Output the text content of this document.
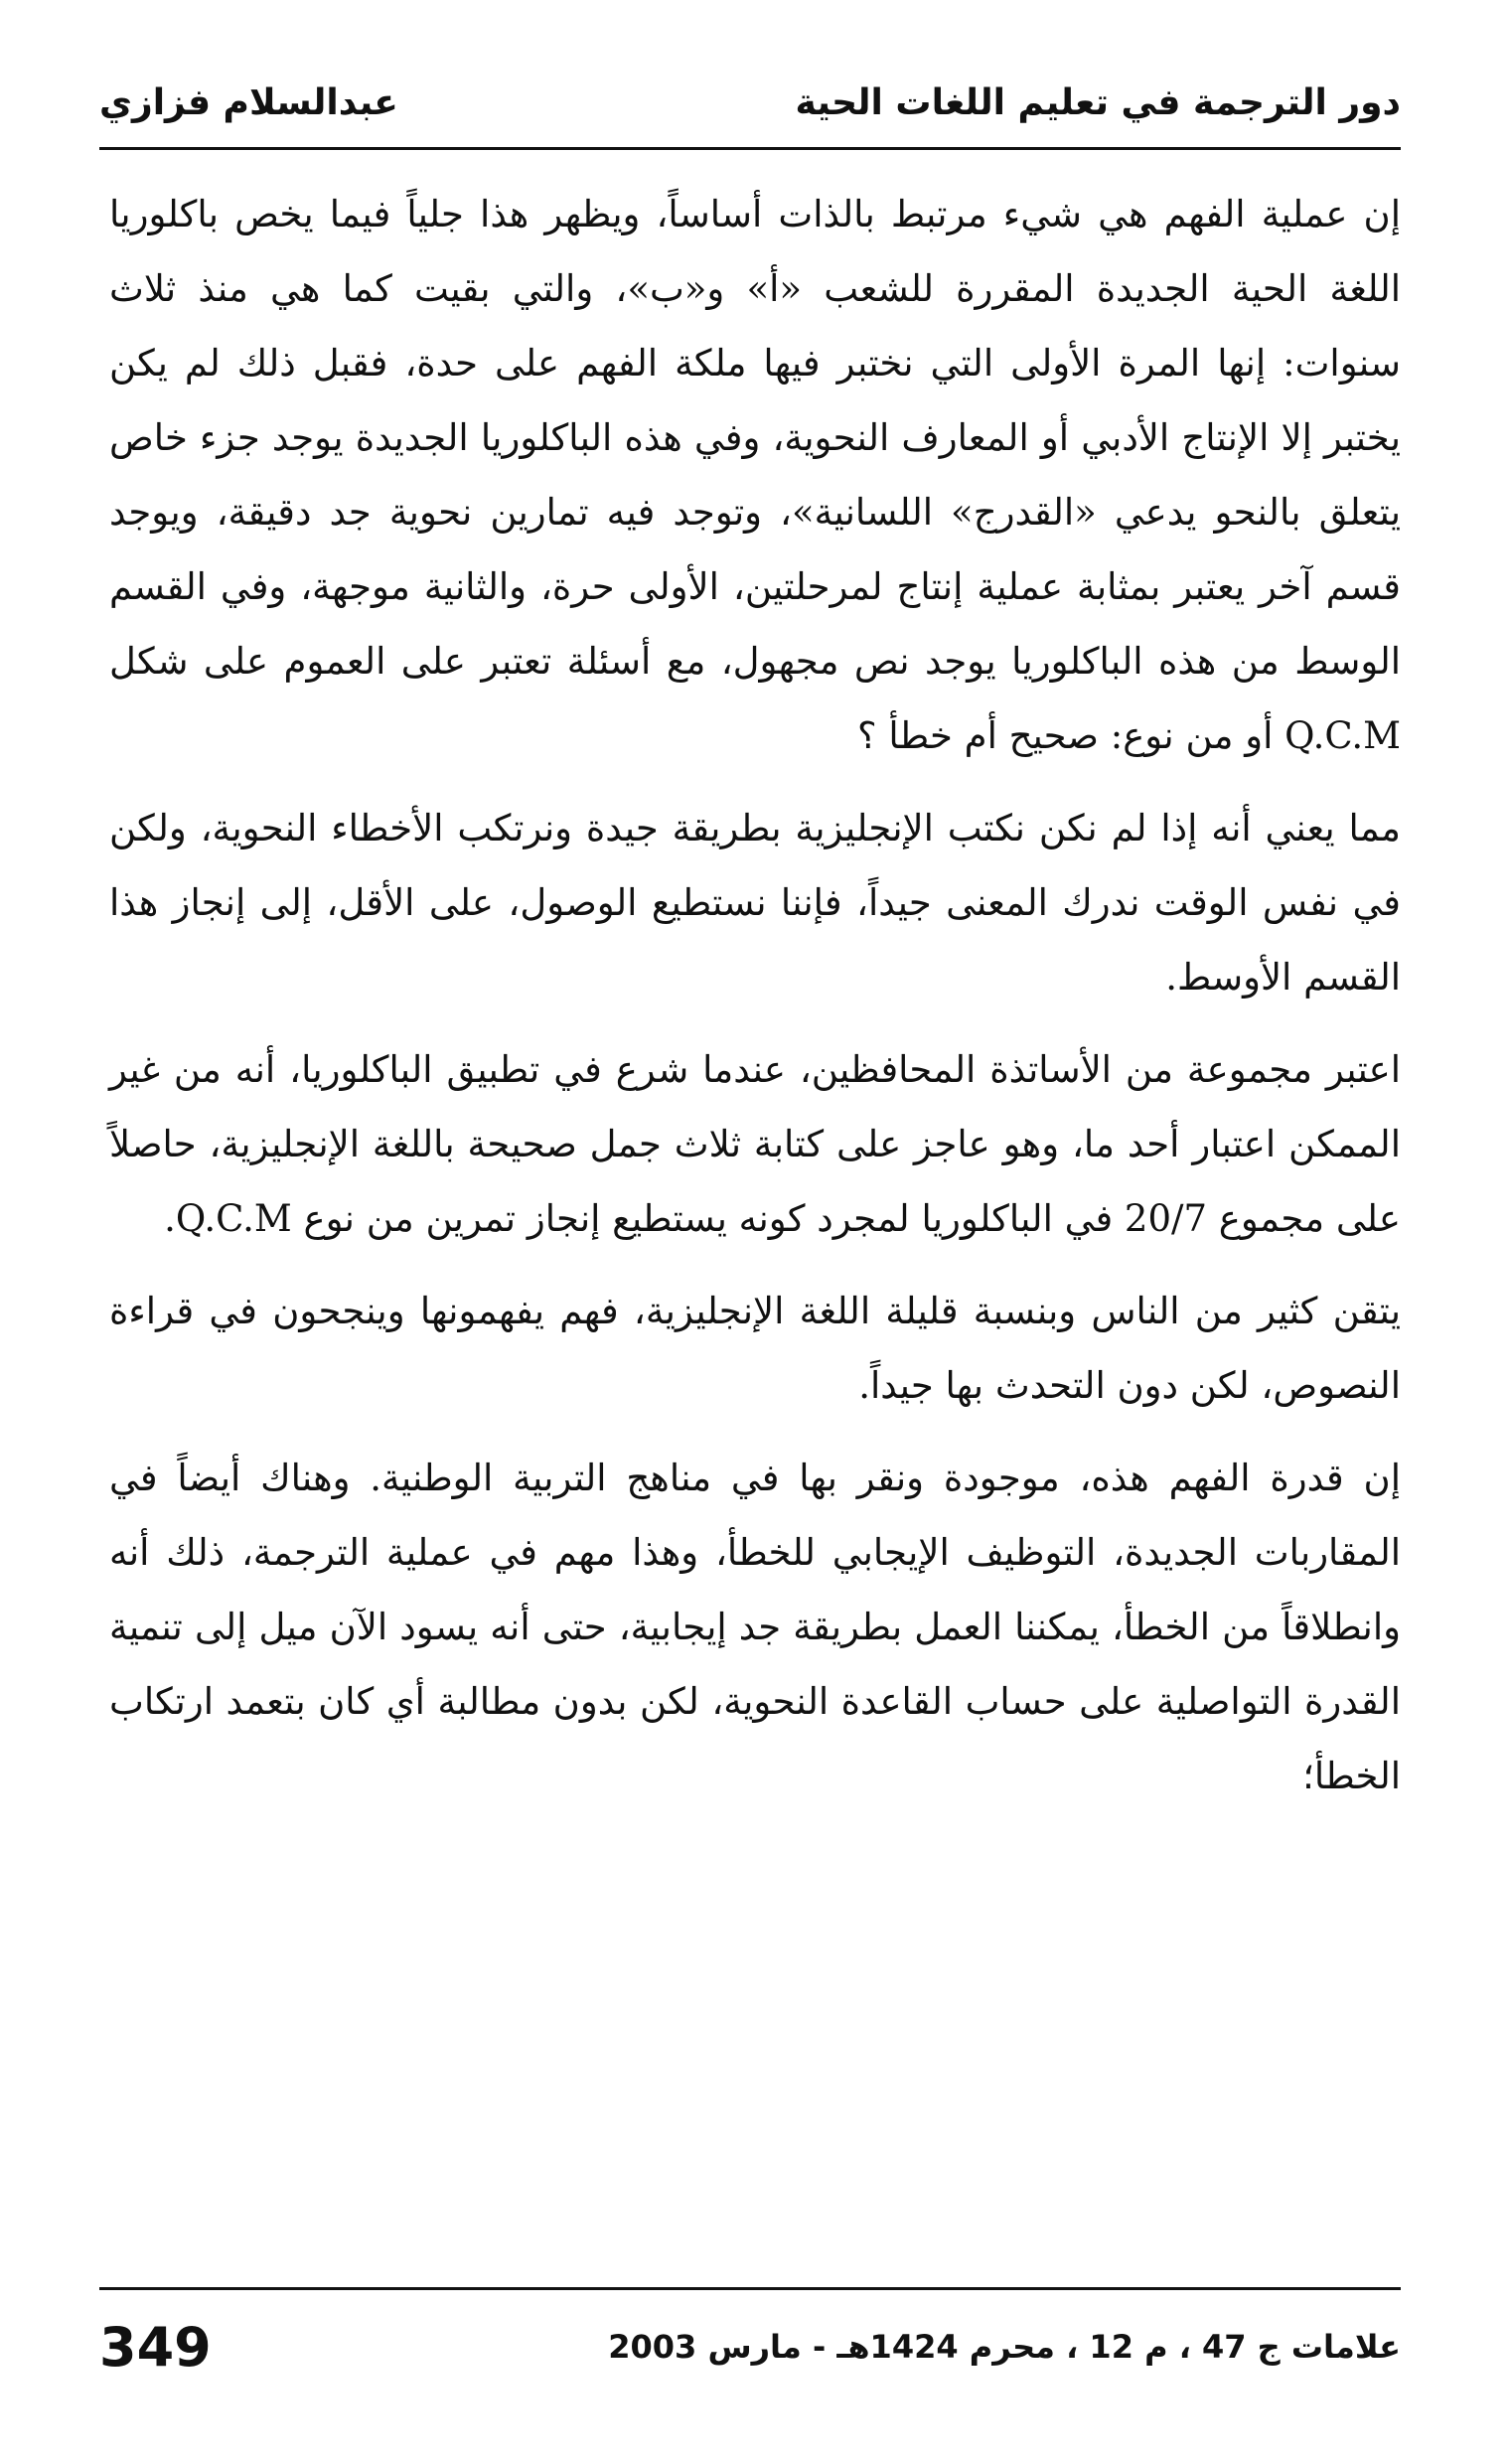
دور الترجمة في تعليم اللغات الحية
عبدالسلام فزازي

إن عملية الفهم هي شيء مرتبط بالذات أساساً، ويظهر هذا جلياً فيما يخص باكلوريا اللغة الحية الجديدة المقررة للشعب «أ» و«ب»، والتي بقيت كما هي منذ ثلاث سنوات: إنها المرة الأولى التي نختبر فيها ملكة الفهم على حدة، فقبل ذلك لم يكن يختبر إلا الإنتاج الأدبي أو المعارف النحوية، وفي هذه الباكلوريا الجديدة يوجد جزء خاص يتعلق بالنحو يدعي «القدرج» اللسانية»، وتوجد فيه تمارين نحوية جد دقيقة، ويوجد قسم آخر يعتبر بمثابة عملية إنتاج لمرحلتين، الأولى حرة، والثانية موجهة، وفي القسم الوسط من هذه الباكلوريا يوجد نص مجهول، مع أسئلة تعتبر على العموم على شكل Q.C.M أو من نوع: صحيح أم خطأ ؟

مما يعني أنه إذا لم نكن نكتب الإنجليزية بطريقة جيدة ونرتكب الأخطاء النحوية، ولكن في نفس الوقت ندرك المعنى جيداً، فإننا نستطيع الوصول، على الأقل، إلى إنجاز هذا القسم الأوسط.

اعتبر مجموعة من الأساتذة المحافظين، عندما شرع في تطبيق الباكلوريا، أنه من غير الممكن اعتبار أحد ما، وهو عاجز على كتابة ثلاث جمل صحيحة باللغة الإنجليزية، حاصلاً على مجموع 20/7 في الباكلوريا لمجرد كونه يستطيع إنجاز تمرين من نوع Q.C.M.

يتقن كثير من الناس وبنسبة قليلة اللغة الإنجليزية، فهم يفهمونها وينجحون في قراءة النصوص، لكن دون التحدث بها جيداً.

إن قدرة الفهم هذه، موجودة ونقر بها في مناهج التربية الوطنية. وهناك أيضاً في المقاربات الجديدة، التوظيف الإيجابي للخطأ، وهذا مهم في عملية الترجمة، ذلك أنه وانطلاقاً من الخطأ، يمكننا العمل بطريقة جد إيجابية، حتى أنه يسود الآن ميل إلى تنمية القدرة التواصلية على حساب القاعدة النحوية، لكن بدون مطالبة أي كان بتعمد ارتكاب الخطأ؛

علامات ج 47 ، م 12 ، محرم 1424هـ - مارس 2003
349
